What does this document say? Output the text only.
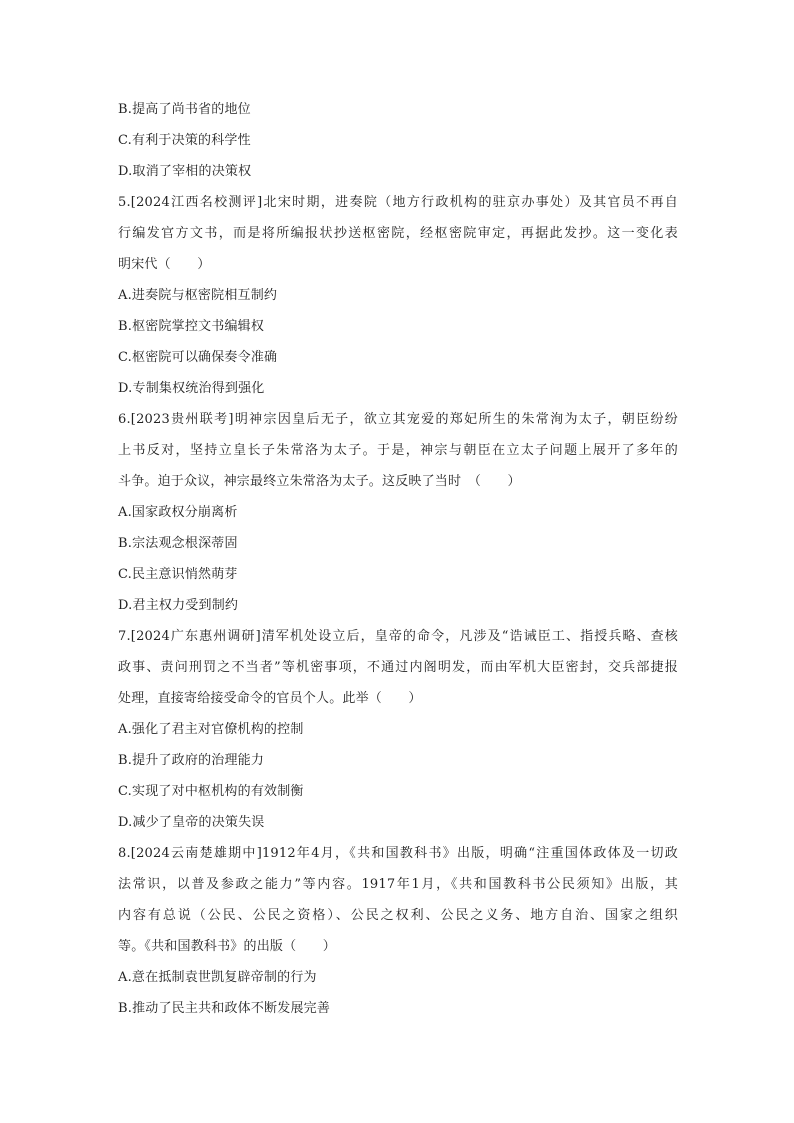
B.提高了尚书省的地位
C.有利于决策的科学性
D.取消了宰相的决策权
5.[2024江西名校测评]北宋时期，进奏院（地方行政机构的驻京办事处）及其官员不再自
行编发官方文书，而是将所编报状抄送枢密院，经枢密院审定，再据此发抄。这一变化表
明宋代（　　）
A.进奏院与枢密院相互制约
B.枢密院掌控文书编辑权
C.枢密院可以确保奏令准确
D.专制集权统治得到强化
6.[2023贵州联考]明神宗因皇后无子，欲立其宠爱的郑妃所生的朱常洵为太子，朝臣纷纷
上书反对，坚持立皇长子朱常洛为太子。于是，神宗与朝臣在立太子问题上展开了多年的
斗争。迫于众议，神宗最终立朱常洛为太子。这反映了当时　（　　）
A.国家政权分崩离析
B.宗法观念根深蒂固
C.民主意识悄然萌芽
D.君主权力受到制约
7.[2024广东惠州调研]清军机处设立后，皇帝的命令，凡涉及“诰诫臣工、指授兵略、查核
政事、责问刑罚之不当者”等机密事项，不通过内阁明发，而由军机大臣密封，交兵部捷报
处理，直接寄给接受命令的官员个人。此举（　　）
A.强化了君主对官僚机构的控制
B.提升了政府的治理能力
C.实现了对中枢机构的有效制衡
D.减少了皇帝的决策失误
8.[2024云南楚雄期中]1912年4月，《共和国教科书》出版，明确“注重国体政体及一切政
法常识，以普及参政之能力”等内容。1917年1月，《共和国教科书公民须知》出版，其
内容有总说（公民、公民之资格）、公民之权利、公民之义务、地方自治、国家之组织
等。《共和国教科书》的出版（　　）
A.意在抵制袁世凯复辟帝制的行为
B.推动了民主共和政体不断发展完善
